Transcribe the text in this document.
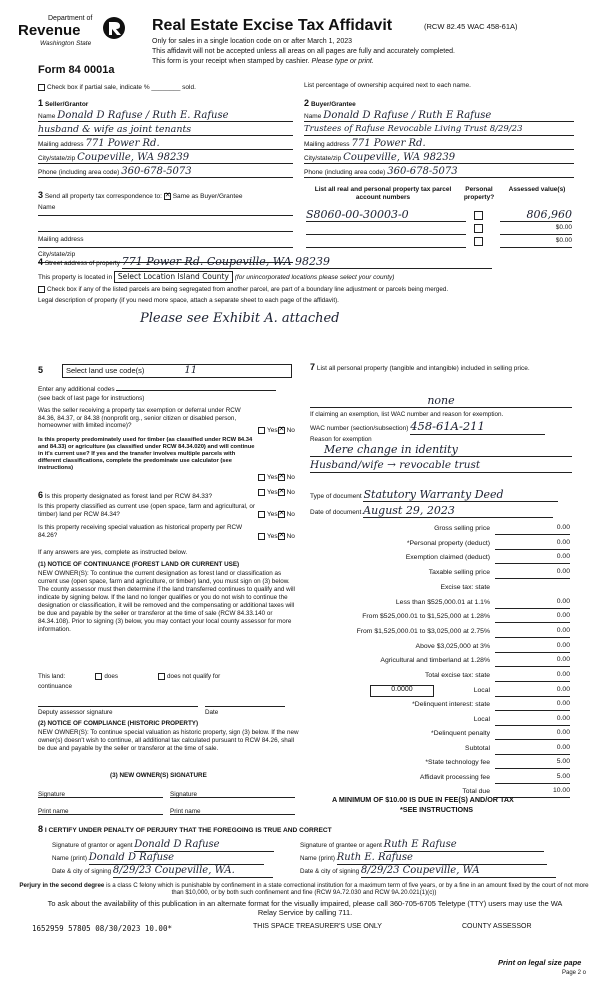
Department of
Revenue
Washington State
Form 84 0001a
Real Estate Excise Tax Affidavit	(RCW 82.45 WAC 458-61A)
Only for sales in a single location code on or after March 1, 2023
This affidavit will not be accepted unless all areas on all pages are fully and accurately completed.
This form is your receipt when stamped by cashier. Please type or print.
Check box if partial sale, indicate % ________ sold.	List percentage of ownership acquired next to each name.
1 Seller/Grantor
Name Donald D Rafuse / Ruth E. Rafuse
husband & wife as joint tenants
Mailing address 771 Power Rd.
City/state/zip Coupeville, WA 98239
Phone (including area code) 360-678-5073
2 Buyer/Grantee
Name Donald D Rafuse / Ruth E Rafuse
Trustees of Rafuse Revocable Living Trust 8/29/23
Mailing address 771 Power Rd.
City/state/zip Coupeville, WA 98239
Phone (including area code) 360-678-5073
3 Send all property tax correspondence to: ✕ Same as Buyer/Grantee
Name
Mailing address
City/state/zip
List all real and personal property tax parcel account numbers
Personal property?
Assessed value(s)
S8060-00-30003-0	806,960
$0.00
$0.00
4 Street address of property 771 Power Rd. Coupeville, WA 98239
This property is located in Select Location Island County (for unincorporated locations please select your county)
Check box if any of the listed parcels are being segregated from another parcel, are part of a boundary line adjustment or parcels being merged.
Legal description of property (if you need more space, attach a separate sheet to each page of the affidavit).
Please see Exhibit A. attached
5	Select land use code(s)	11
Enter any additional codes
(see back of last page for instructions)
Was the seller receiving a property tax exemption or deferral under RCW 84.36, 84.37, or 84.38 (nonprofit org., senior citizen or disabled person, homeowner with limited income)?
Yes ✕ No
Is this property predominately used for timber (as classified under RCW 84.34 and 84.33) or agriculture (as classified under RCW 84.34.020) and will continue in it's current use? If yes and the transfer involves multiple parcels with different classifications, complete the predominate use calculator (see instructions)
Yes ✕ No
6 Is this property designated as forest land per RCW 84.33?
Yes ✕ No
Is this property classified as current use (open space, farm and agricultural, or timber) land per RCW 84.34?	Yes ✕ No
Is this property receiving special valuation as historical property per RCW 84.26?	Yes ✕ No
If any answers are yes, complete as instructed below.
(1) NOTICE OF CONTINUANCE (FOREST LAND OR CURRENT USE)
NEW OWNER(S): To continue the current designation as forest land or classification as current use (open space, farm and agriculture, or timber) land, you must sign on (3) below. The county assessor must then determine if the land transferred continues to qualify and will indicate by signing below. If the land no longer qualifies or you do not wish to continue the designation or classification, it will be removed and the compensating or additional taxes will be due and payable by the seller or transferor at the time of sale (RCW 84.33.140 or 84.34.108). Prior to signing (3) below, you may contact your local county assessor for more information.
This land:	does	does not qualify for
continuance
Deputy assessor signature	Date
(2) NOTICE OF COMPLIANCE (HISTORIC PROPERTY)
NEW OWNER(S): To continue special valuation as historic property, sign (3) below. If the new owner(s) doesn't wish to continue, all additional tax calculated pursuant to RCW 84.26, shall be due and payable by the seller or transferor at the time of sale.
(3) NEW OWNER(S) SIGNATURE
Signature	Signature
Print name	Print name
7 List all personal property (tangible and intangible) included in selling price.
none
If claiming an exemption, list WAC number and reason for exemption.
WAC number (section/subsection) 458-61A-211
Reason for exemption
Mere change in identity
Husband/wife → revocable trust
Type of document Statutory Warranty Deed
Date of document August 29, 2023
Gross selling price	0.00
*Personal property (deduct)	0.00
Exemption claimed (deduct)	0.00
Taxable selling price	0.00
Excise tax: state
Less than $525,000.01 at 1.1%	0.00
From $525,000.01 to $1,525,000 at 1.28%	0.00
From $1,525,000.01 to $3,025,000 at 2.75%	0.00
Above $3,025,000 at 3%	0.00
Agricultural and timberland at 1.28%	0.00
Total excise tax: state	0.00
0.0000	Local	0.00
*Delinquent interest: state	0.00
Local	0.00
*Delinquent penalty	0.00
Subtotal	0.00
*State technology fee	5.00
Affidavit processing fee	5.00
Total due	10.00
A MINIMUM OF $10.00 IS DUE IN FEE(S) AND/OR TAX
*SEE INSTRUCTIONS
8 I CERTIFY UNDER PENALTY OF PERJURY THAT THE FOREGOING IS TRUE AND CORRECT
Signature of grantor or agent Donald D Rafuse
Name (print) Donald D Rafuse
Date & city of signing 8/29/23 Coupeville, WA.
Signature of grantee or agent Ruth E Rafuse
Name (print) Ruth E. Rafuse
Date & city of signing 8/29/23 Coupeville, WA
Perjury in the second degree is a class C felony which is punishable by confinement in a state correctional institution for a maximum term of five years, or by a fine in an amount fixed by the court of not more than $10,000, or by both such confinement and fine (RCW 9A.72.030 and RCW 9A.20.021(1)(c))
To ask about the availability of this publication in an alternate format for the visually impaired, please call 360-705-6705 Teletype (TTY) users may use the WA Relay Service by calling 711.
1652959 57805 08/30/2023 10.00*	THIS SPACE TREASURER'S USE ONLY	COUNTY ASSESSOR
Print on legal size pape
Page 2 o
